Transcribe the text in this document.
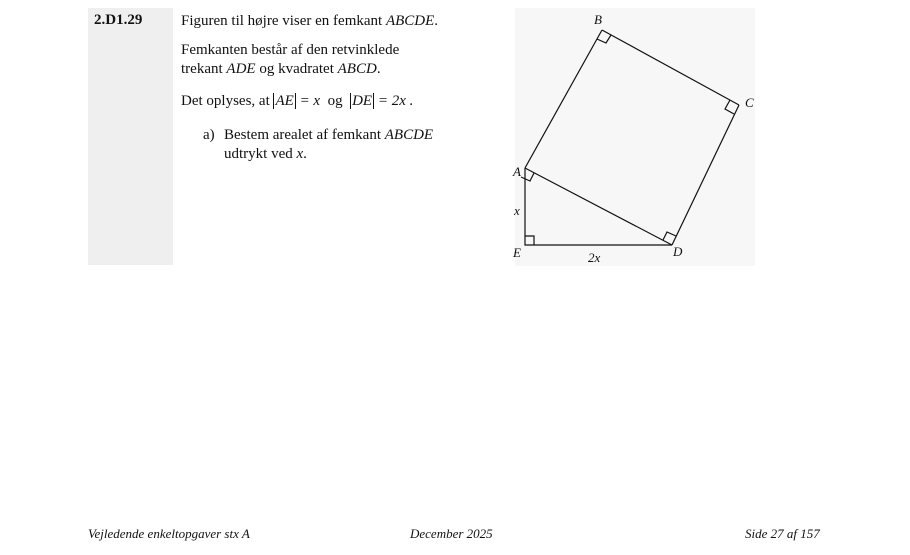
2.D1.29	Figuren til højre viser en femkant ABCDE.
Femkanten består af den retvinklede
trekant ADE og kvadratet ABCD.
Det oplyses, at AE = x  og  DE = 2x .
a) Bestem arealet af femkant ABCDE
udtrykt ved x.
A
B
C
D
E
x
2x
Vejledende enkeltopgaver stx A	December 2025	Side 27 af 157
